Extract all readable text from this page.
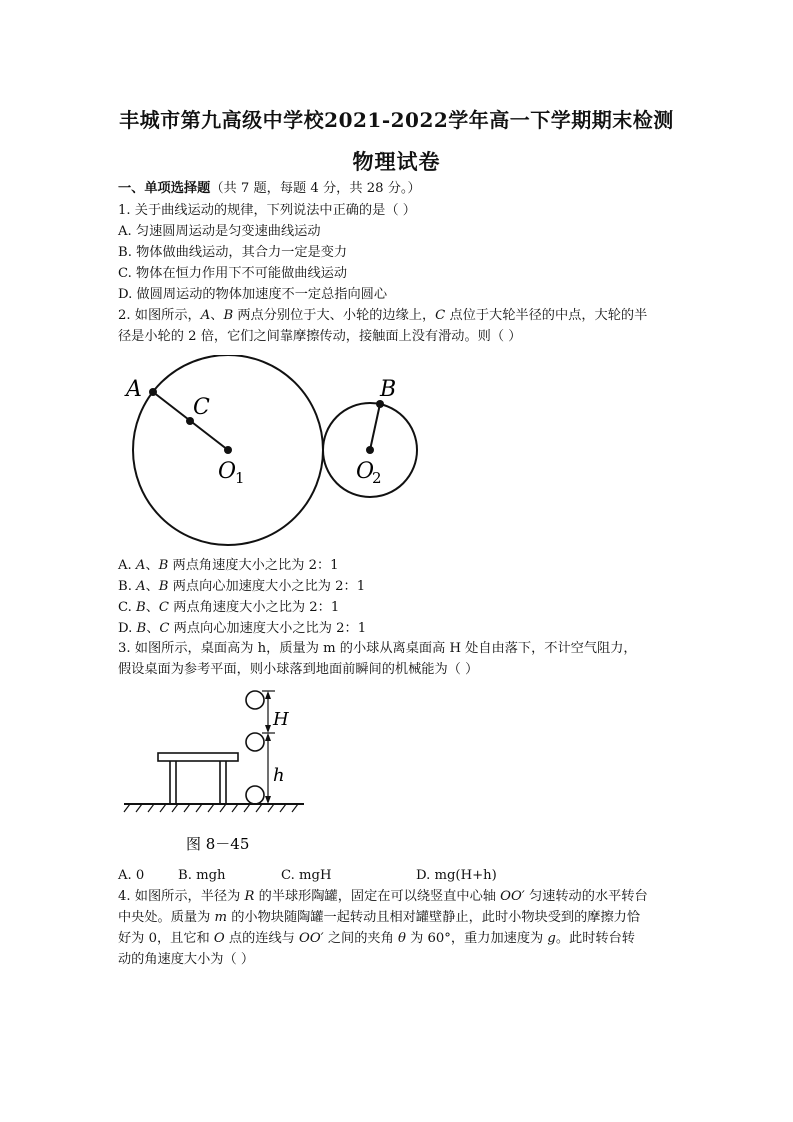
丰城市第九高级中学校2021-2022学年高一下学期期末检测
物理试卷
一、单项选择题（共 7 题，每题 4 分，共 28 分。）
1. 关于曲线运动的规律，下列说法中正确的是（ ）
A. 匀速圆周运动是匀变速曲线运动
B. 物体做曲线运动，其合力一定是变力
C. 物体在恒力作用下不可能做曲线运动
D. 做圆周运动的物体加速度不一定总指向圆心
2. 如图所示，A、B 两点分别位于大、小轮的边缘上，C 点位于大轮半径的中点，大轮的半
径是小轮的 2 倍，它们之间靠摩擦传动，接触面上没有滑动。则（ ）
A
C
B
O
1	O
2
A. A、B 两点角速度大小之比为 2：1
B. A、B 两点向心加速度大小之比为 2：1
C. B、C 两点角速度大小之比为 2：1
D. B、C 两点向心加速度大小之比为 2：1
3. 如图所示，桌面高为 h，质量为 m 的小球从离桌面高 H 处自由落下，不计空气阻力，
假设桌面为参考平面，则小球落到地面前瞬间的机械能为（ ）
H
h
图 8－45
A. 0	B. mgh	C. mgH	D. mg(H+h)
4. 如图所示，半径为 R 的半球形陶罐，固定在可以绕竖直中心轴 OO′ 匀速转动的水平转台
中央处。质量为 m 的小物块随陶罐一起转动且相对罐壁静止，此时小物块受到的摩擦力恰
好为 0，且它和 O 点的连线与 OO′ 之间的夹角 θ 为 60°，重力加速度为 g。此时转台转
动的角速度大小为（ ）
